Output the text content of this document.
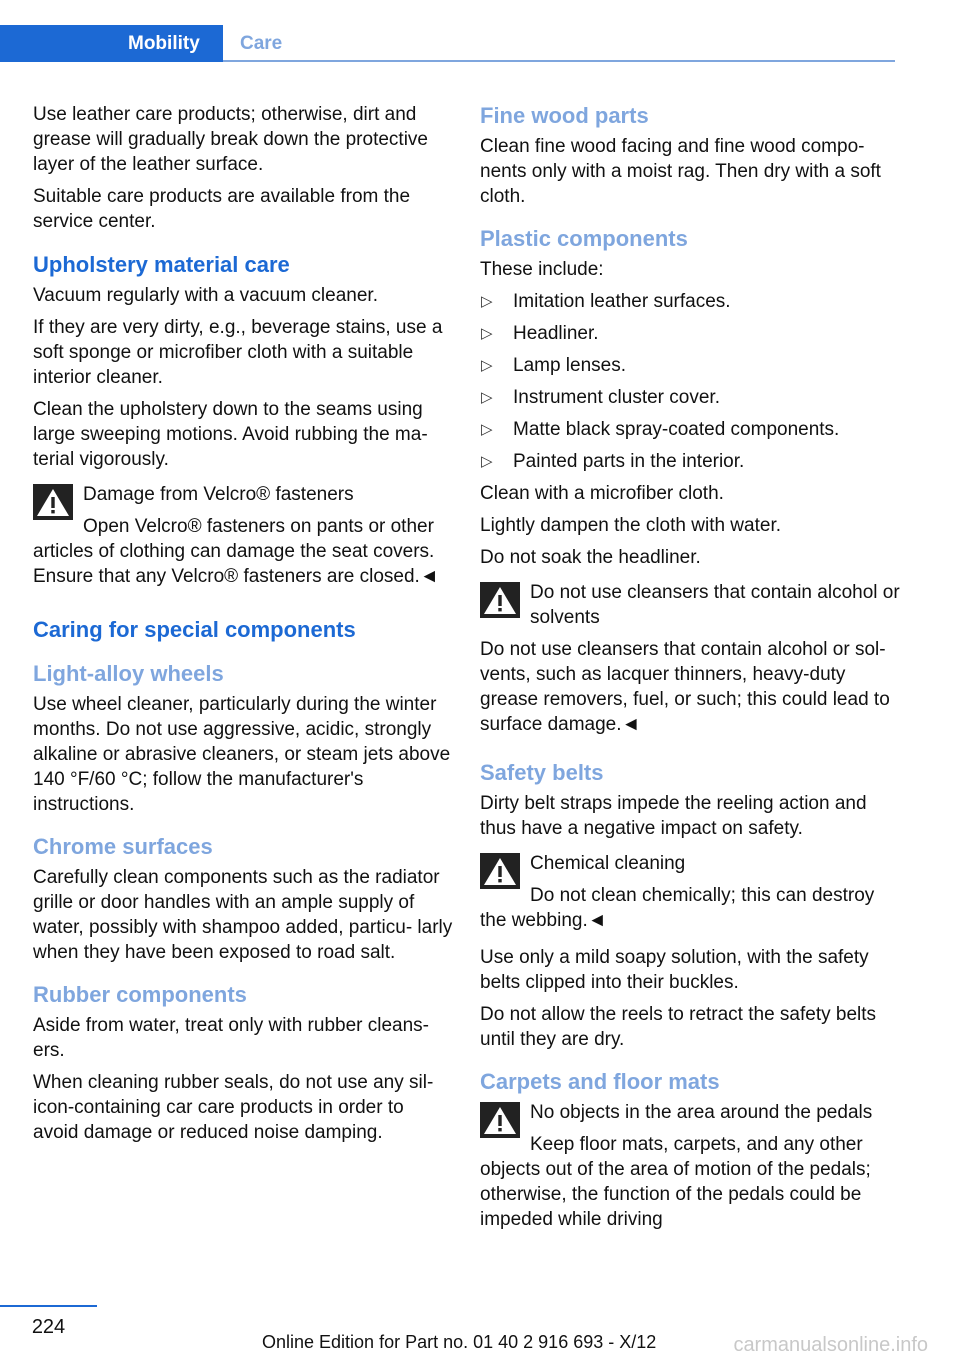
Mobility	Care

Use leather care products; otherwise, dirt and grease will gradually break down the protective layer of the leather surface.

Suitable care products are available from the service center.

Upholstery material care

Vacuum regularly with a vacuum cleaner.

If they are very dirty, e.g., beverage stains, use a soft sponge or microfiber cloth with a suitable interior cleaner.

Clean the upholstery down to the seams using large sweeping motions. Avoid rubbing the ma- terial vigorously.

Damage from Velcro® fasteners

Open Velcro® fasteners on pants or other articles of clothing can damage the seat covers. Ensure that any Velcro® fasteners are closed.◄

Caring for special components
Light-alloy wheels

Use wheel cleaner, particularly during the winter months. Do not use aggressive, acidic, strongly alkaline or abrasive cleaners, or steam jets above 140 °F/60 °C; follow the manufacturer's instructions.

Chrome surfaces

Carefully clean components such as the radiator grille or door handles with an ample supply of water, possibly with shampoo added, particu- larly when they have been exposed to road salt.

Rubber components

Aside from water, treat only with rubber cleans- ers.

When cleaning rubber seals, do not use any sil- icon-containing car care products in order to avoid damage or reduced noise damping.

Fine wood parts

Clean fine wood facing and fine wood compo- nents only with a moist rag. Then dry with a soft cloth.

Plastic components

These include:

▷ Imitation leather surfaces.
▷ Headliner.
▷ Lamp lenses.
▷ Instrument cluster cover.
▷ Matte black spray-coated components.
▷ Painted parts in the interior.

Clean with a microfiber cloth.

Lightly dampen the cloth with water.

Do not soak the headliner.

Do not use cleansers that contain alcohol or solvents

Do not use cleansers that contain alcohol or sol- vents, such as lacquer thinners, heavy-duty grease removers, fuel, or such; this could lead to surface damage.◄

Safety belts

Dirty belt straps impede the reeling action and thus have a negative impact on safety.

Chemical cleaning

Do not clean chemically; this can destroy the webbing.◄

Use only a mild soapy solution, with the safety belts clipped into their buckles.

Do not allow the reels to retract the safety belts until they are dry.

Carpets and floor mats

No objects in the area around the pedals

Keep floor mats, carpets, and any other objects out of the area of motion of the pedals; otherwise, the function of the pedals could be impeded while driving

224
Online Edition for Part no. 01 40 2 916 693 - X/12	carmanualsonline.info
